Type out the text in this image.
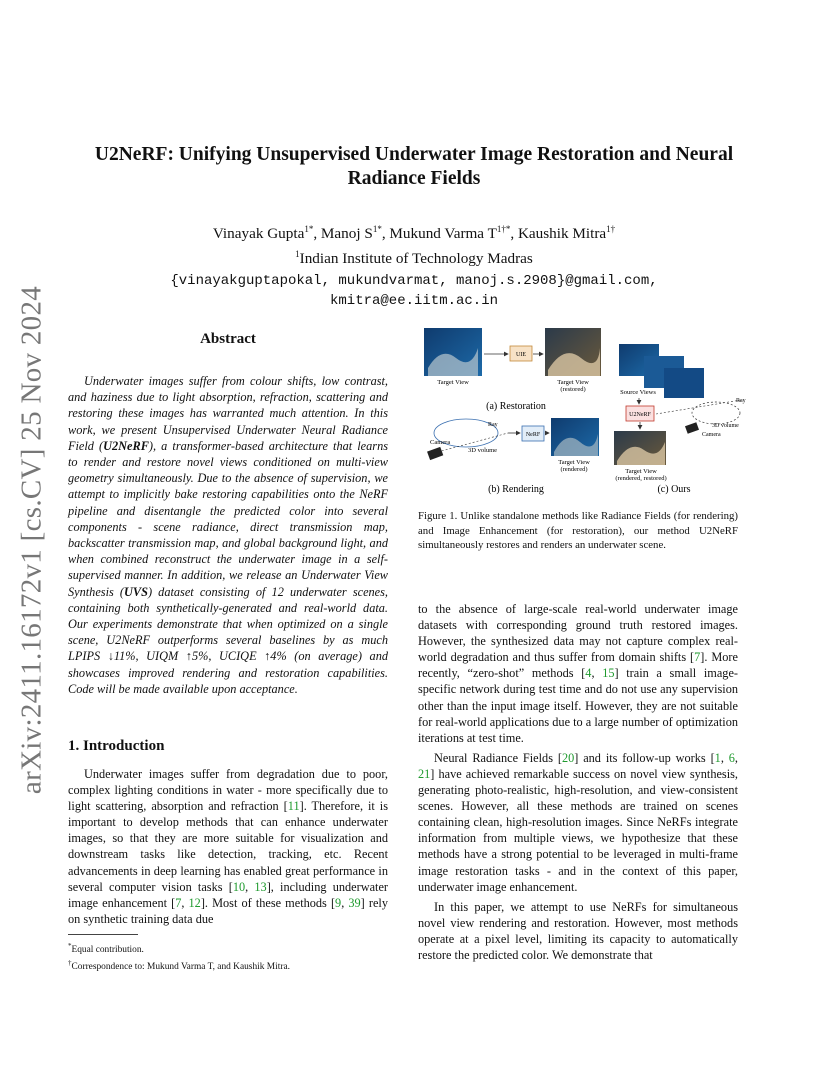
arXiv:2411.16172v1 [cs.CV] 25 Nov 2024
U2NeRF: Unifying Unsupervised Underwater Image Restoration and Neural Radiance Fields
Vinayak Gupta$^{1*}$, Manoj $S^{1*}$, Mukund Varma $T^{1\dagger*}$, Kaushik Mitra$^{1\dagger}$
$^1$Indian Institute of Technology Madras
{vinayakguptapokal, mukundvarmat, manoj.s.2908}@gmail.com,
kmitra@ee.iitm.ac.in
Abstract
Underwater images suffer from colour shifts, low contrast, and haziness due to light absorption, refraction, scattering and restoring these images has warranted much attention. In this work, we present Unsupervised Underwater Neural Radiance Field (U2NeRF), a transformer-based architecture that learns to render and restore novel views conditioned on multi-view geometry simultaneously. Due to the absence of supervision, we attempt to implicitly bake restoring capabilities onto the NeRF pipeline and disentangle the predicted color into several components - scene radiance, direct transmission map, backscatter transmission map, and global background light, and when combined reconstruct the underwater image in a self-supervised manner. In addition, we release an Underwater View Synthesis (UVS) dataset consisting of 12 underwater scenes, containing both synthetically-generated and real-world data. Our experiments demonstrate that when optimized on a single scene, U2NeRF outperforms several baselines by as much LPIPS ↓11%, UIQM ↑5%, UCIQE ↑4% (on average) and showcases improved rendering and restoration capabilities. Code will be made available upon acceptance.
1. Introduction
Underwater images suffer from degradation due to poor, complex lighting conditions in water - more specifically due to light scattering, absorption and refraction [11]. Therefore, it is important to develop methods that can enhance underwater images, so that they are more suitable for visualization and downstream tasks like detection, tracking, etc. Recent advancements in deep learning has enabled great performance in several computer vision tasks [10, 13], including underwater image enhancement [7, 12]. Most of these methods [9, 39] rely on synthetic training data due
*Equal contribution.
†Correspondence to: Mukund Varma T, and Kaushik Mitra.
Target View
UIE
Target View
(restored)
(a) Restoration
Camera
Ray
3D volume
NeRF
Target View
(rendered)
(b) Rendering
Source Views
U2NeRF
Ray
3D volume
Camera
Target View
(rendered, restored)
(c) Ours
Figure 1. Unlike standalone methods like Radiance Fields (for rendering) and Image Enhancement (for restoration), our method U2NeRF simultaneously restores and renders an underwater scene.

to the absence of large-scale real-world underwater image datasets with corresponding ground truth restored images. However, the synthesized data may not capture complex real-world degradation and thus suffer from domain shifts [7]. More recently, “zero-shot” methods [4, 15] train a small image-specific network during test time and do not use any supervision other than the input image itself. However, they are not suitable for real-world applications due to a large number of optimization iterations at test time.

Neural Radiance Fields [20] and its follow-up works [1, 6, 21] have achieved remarkable success on novel view synthesis, generating photo-realistic, high-resolution, and view-consistent scenes. However, all these methods are trained on scenes containing clean, high-resolution images. Since NeRFs integrate information from multiple views, we hypothesize that these methods have a strong potential to be leveraged in multi-frame image restoration tasks - and in the context of this paper, underwater image enhancement.

In this paper, we attempt to use NeRFs for simultaneous novel view rendering and restoration. However, most methods operate at a pixel level, limiting its capacity to automatically restore the predicted color. We demonstrate that
